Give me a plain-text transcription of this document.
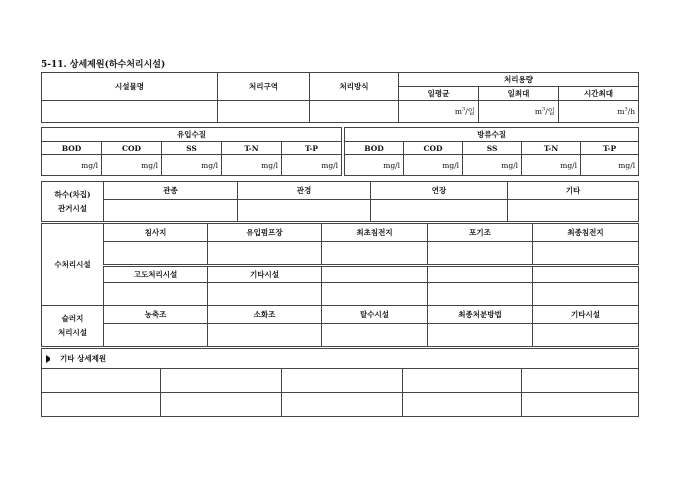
5-11. 상세제원(하수처리시설)
시설물명	처리구역	처리방식	처리용량		
			일평균	일최대	시간최대
			$m^3/$일	$m^3/$일	$m^3/h$
유입수질						방류수질				
BOD	COD	SS	T-N	T-P		BOD	COD	SS	T-N	T-P
mg/l	mg/l	mg/l	mg/l	mg/l		mg/l	mg/l	mg/l	mg/l	mg/l
하수(차집)
관거시설	관종	관경	연장	기타

수처리시설	침사지	유입펌프장	최초침전지	포기조	최종침전지

	고도처리시설	기타시설			

슬러지
처리시설	농축조	소화조	탈수시설	최종처분방법	기타시설

기타 상세제원				
